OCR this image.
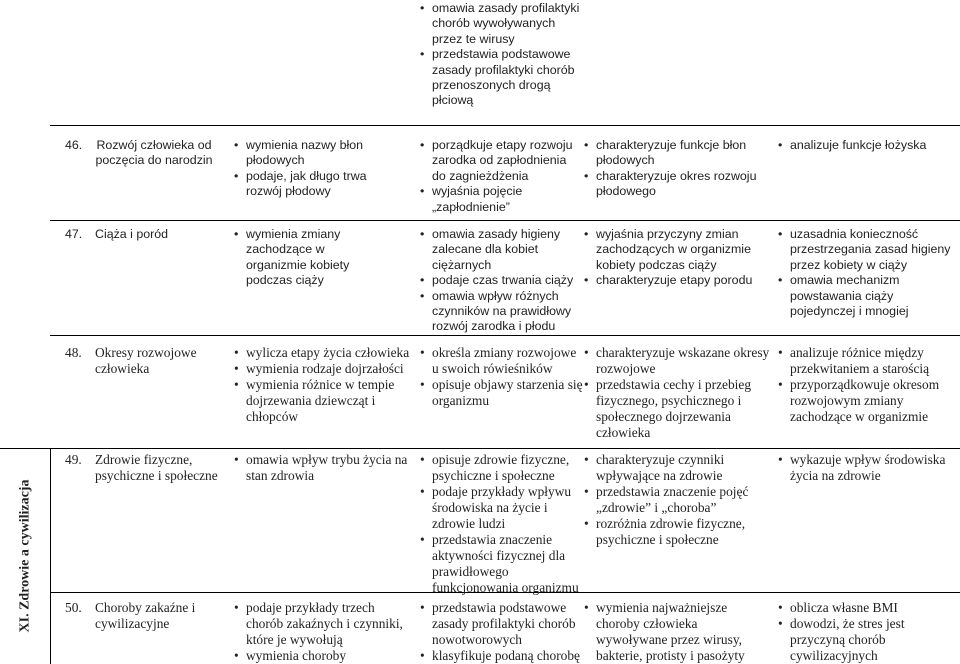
• omawia zasady profilaktyki chorób wywoływanych przez te wirusy
• przedstawia podstawowe zasady profilaktyki chorób przenoszonych drogą płciową
XI. Zdrowie a cywilizacja
46.	Rozwój człowieka od poczęcia do narodzin
• wymienia nazwy błon płodowych
• podaje, jak długo trwa rozwój płodowy
• porządkuje etapy rozwoju zarodka od zapłodnienia do zagnieżdżenia
• wyjaśnia pojęcie „zapłodnienie”
• charakteryzuje funkcje błon płodowych
• charakteryzuje okres rozwoju płodowego
• analizuje funkcje łożyska
47. Ciąża i poród
•	wymienia zmiany zachodzące w organizmie kobiety podczas ciąży
• omawia zasady higieny zalecane dla kobiet ciężarnych
• podaje czas trwania ciąży
• omawia wpływ różnych czynników na prawidłowy rozwój zarodka i płodu
• wyjaśnia przyczyny zmian zachodzących w organizmie kobiety podczas ciąży
• charakteryzuje etapy porodu
• uzasadnia konieczność przestrzegania zasad higieny przez kobiety w ciąży
• omawia mechanizm powstawania ciąży pojedynczej i mnogiej
48. Okresy rozwojowe człowieka
• wylicza etapy życia człowieka
• wymienia rodzaje dojrzałości
• wymienia różnice w tempie dojrzewania dziewcząt i chłopców
• określa zmiany rozwojowe u swoich rówieśników
• opisuje objawy starzenia się organizmu
• charakteryzuje wskazane okresy rozwojowe
• przedstawia cechy i przebieg fizycznego, psychicznego i społecznego dojrzewania człowieka
• analizuje różnice między przekwitaniem a starością
• przyporządkowuje okresom rozwojowym zmiany zachodzące w organizmie
49. Zdrowie fizyczne, psychiczne i społeczne
• omawia wpływ trybu życia na stan zdrowia
• opisuje zdrowie fizyczne, psychiczne i społeczne
• podaje przykłady wpływu środowiska na życie i zdrowie ludzi
• przedstawia znaczenie aktywności fizycznej dla prawidłowego funkcjonowania organizmu
• charakteryzuje czynniki wpływające na zdrowie
• przedstawia znaczenie pojęć „zdrowie” i „choroba”
• rozróżnia zdrowie fizyczne, psychiczne i społeczne
• wykazuje wpływ środowiska życia na zdrowie
50. Choroby zakaźne i cywilizacyjne
• podaje przykłady trzech chorób zakaźnych i czynniki, które je wywołują
• wymienia choroby
• przedstawia podstawowe zasady profilaktyki chorób nowotworowych
• klasyfikuje podaną chorobę
• wymienia najważniejsze choroby człowieka wywoływane przez wirusy, bakterie, protisty i pasożyty
• oblicza własne BMI
• dowodzi, że stres jest przyczyną chorób cywilizacyjnych
